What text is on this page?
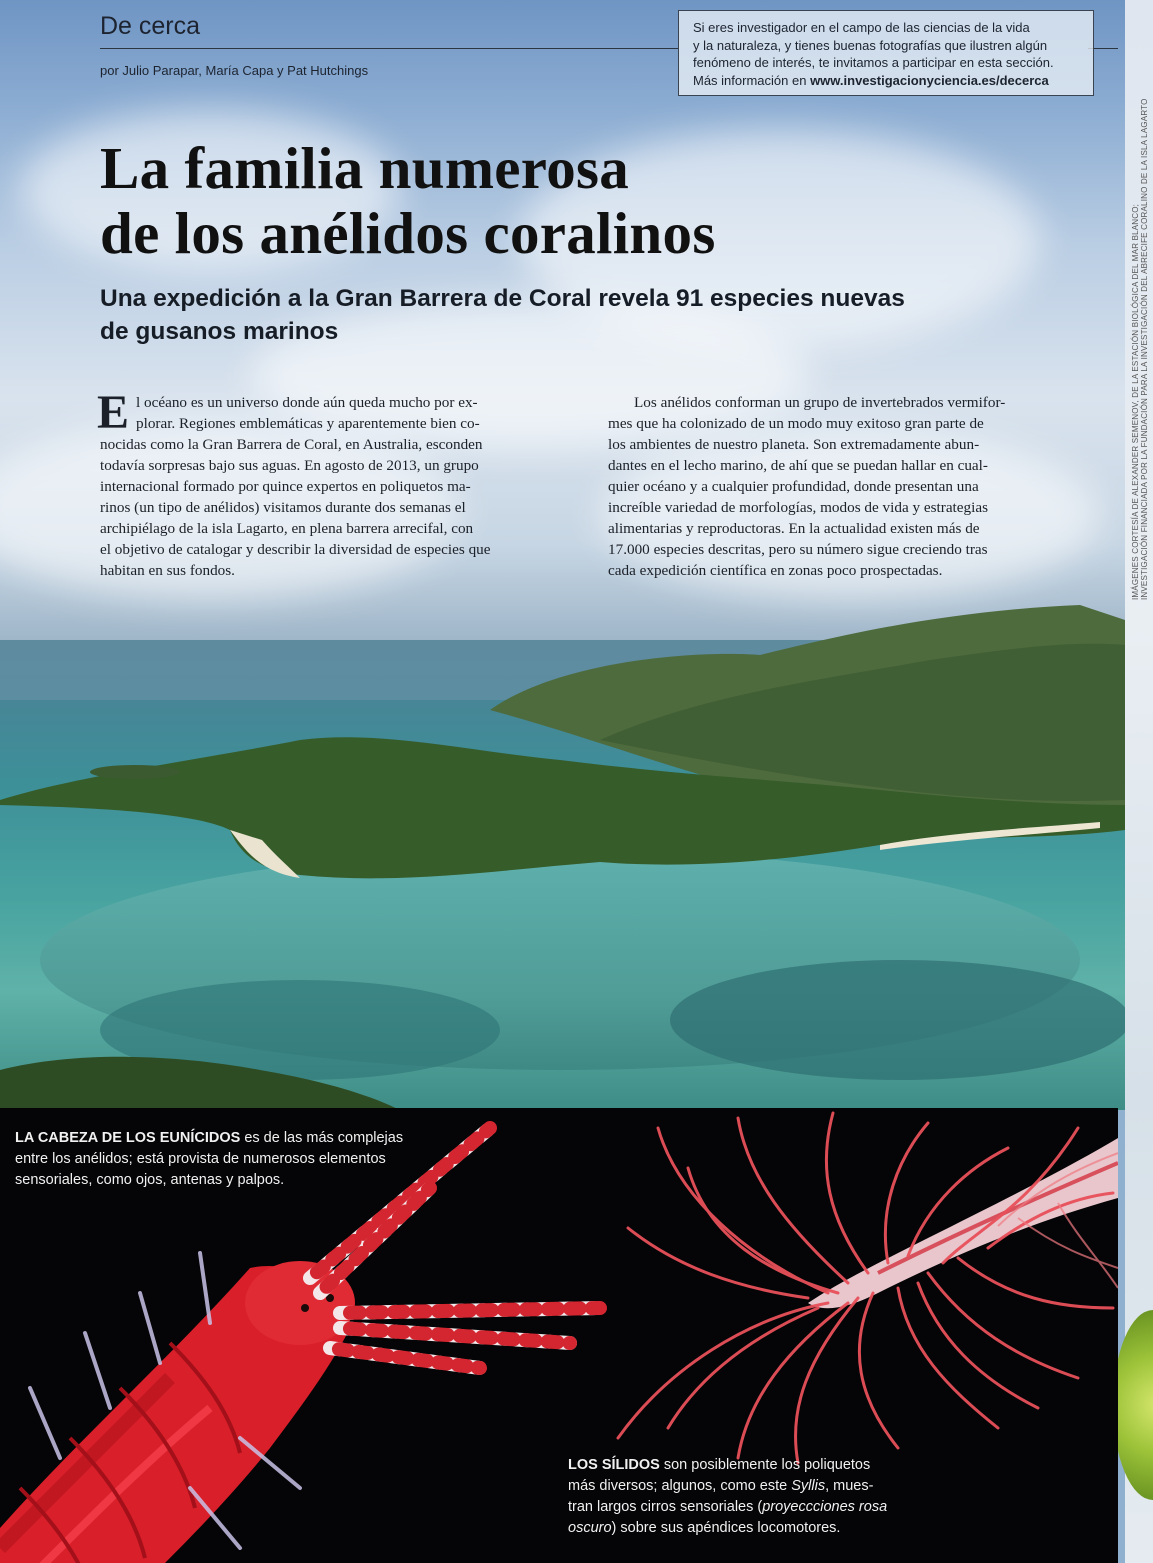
IMÁGENES CORTESÍA DE ALEXANDER SEMENOV, DE LA ESTACIÓN BIOLÓGICA DEL MAR BLANCO; INVESTIGACIÓN FINANCIADA POR LA FUNDACIÓN PARA LA INVESTIGACIÓN DEL ABRECIFE CORALINO DE LA ISLA LAGARTO
De cerca
por Julio Parapar, María Capa y Pat Hutchings

Si eres investigador en el campo de las ciencias de la vida

y la naturaleza, y tienes buenas fotografías que ilustren algún

fenómeno de interés, te invitamos a participar en esta sección.

Más información en www.investigacionyciencia.es/decerca

La familia numerosa
de los anélidos coralinos
Una expedición a la Gran Barrera de Coral revela 91 especies nuevas
de gusanos marinos
E l océano es un universo donde aún queda mucho por ex-
plorar. Regiones emblemáticas y aparentemente bien co-
nocidas como la Gran Barrera de Coral, en Australia, esconden
todavía sorpresas bajo sus aguas. En agosto de 2013, un grupo
internacional formado por quince expertos en poliquetos ma-
rinos (un tipo de anélidos) visitamos durante dos semanas el
archipiélago de la isla Lagarto, en plena barrera arrecifal, con
el objetivo de catalogar y describir la diversidad de especies que
habitan en sus fondos.
Los anélidos conforman un grupo de invertebrados vermifor-
mes que ha colonizado de un modo muy exitoso gran parte de
los ambientes de nuestro planeta. Son extremadamente abun-
dantes en el lecho marino, de ahí que se puedan hallar en cual-
quier océano y a cualquier profundidad, donde presentan una
increíble variedad de morfologías, modos de vida y estrategias
alimentarias y reproductoras. En la actualidad existen más de
17.000 especies descritas, pero su número sigue creciendo tras
cada expedición científica en zonas poco prospectadas.
LA CABEZA DE LOS EUNÍCIDOS es de las más complejas
entre los anélidos; está provista de numerosos elementos
sensoriales, como ojos, antenas y palpos.
LOS SÍLIDOS son posiblemente los poliquetos
más diversos; algunos, como este Syllis, mues-
tran largos cirros sensoriales (proyeccciones rosa
oscuro) sobre sus apéndices locomotores.
